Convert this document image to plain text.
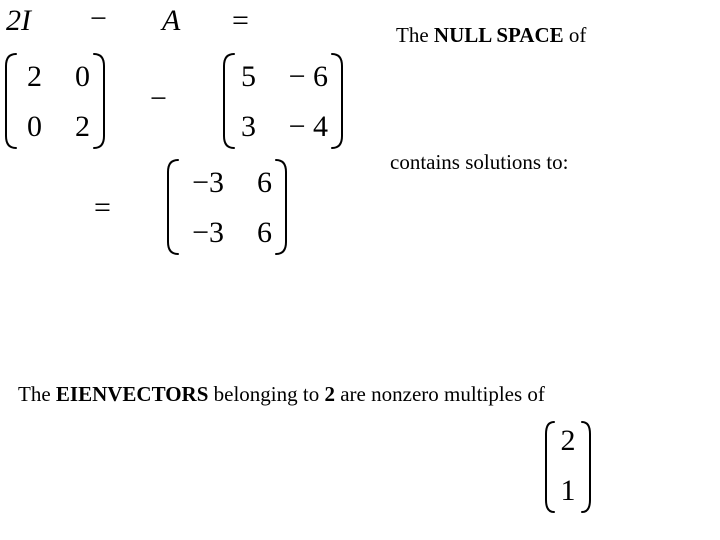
2I − A =
2	0
0	2
−
5	− 6
3	− 4
=
−3	6
−3	6
The NULL SPACE of
contains solutions to:
The EIENVECTORS belonging to 2 are nonzero multiples of
2
1
